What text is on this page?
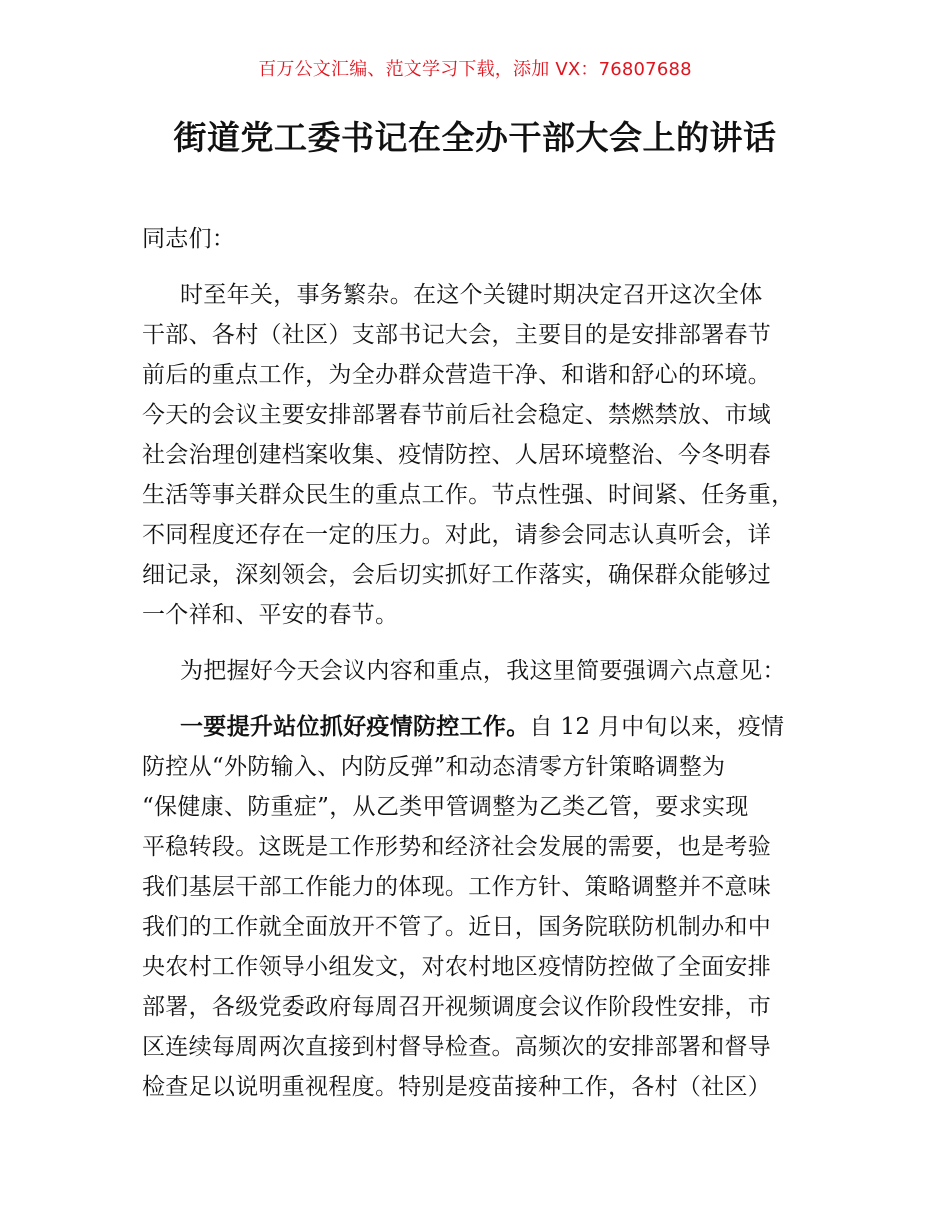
百万公文汇编、范文学习下载，添加 VX：76807688
街道党工委书记在全办干部大会上的讲话
同志们：
时至年关，事务繁杂。在这个关键时期决定召开这次全体
干部、各村（社区）支部书记大会，主要目的是安排部署春节
前后的重点工作，为全办群众营造干净、和谐和舒心的环境。
今天的会议主要安排部署春节前后社会稳定、禁燃禁放、市域
社会治理创建档案收集、疫情防控、人居环境整治、今冬明春
生活等事关群众民生的重点工作。节点性强、时间紧、任务重，
不同程度还存在一定的压力。对此，请参会同志认真听会，详
细记录，深刻领会，会后切实抓好工作落实，确保群众能够过
一个祥和、平安的春节。
为把握好今天会议内容和重点，我这里简要强调六点意见：
一要提升站位抓好疫情防控工作。自 12 月中旬以来，疫情
防控从“外防输入、内防反弹”和动态清零方针策略调整为
“保健康、防重症”，从乙类甲管调整为乙类乙管，要求实现
平稳转段。这既是工作形势和经济社会发展的需要，也是考验
我们基层干部工作能力的体现。工作方针、策略调整并不意味
我们的工作就全面放开不管了。近日，国务院联防机制办和中
央农村工作领导小组发文，对农村地区疫情防控做了全面安排
部署，各级党委政府每周召开视频调度会议作阶段性安排，市
区连续每周两次直接到村督导检查。高频次的安排部署和督导
检查足以说明重视程度。特别是疫苗接种工作，各村（社区）
